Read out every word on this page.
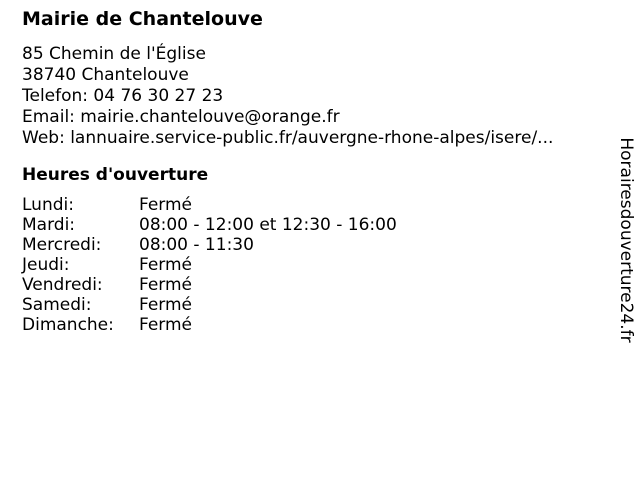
Mairie de Chantelouve
85 Chemin de l'Église
38740 Chantelouve
Telefon: 04 76 30 27 23
Email: mairie.chantelouve@orange.fr
Web: lannuaire.service-public.fr/auvergne-rhone-alpes/isere/...
Heures d'ouverture
Lundi:	Fermé
Mardi:	08:00 - 12:00 et 12:30 - 16:00
Mercredi:	08:00 - 11:30
Jeudi:	Fermé
Vendredi:	Fermé
Samedi:	Fermé
Dimanche:	Fermé	Horairesdouverture24.fr
